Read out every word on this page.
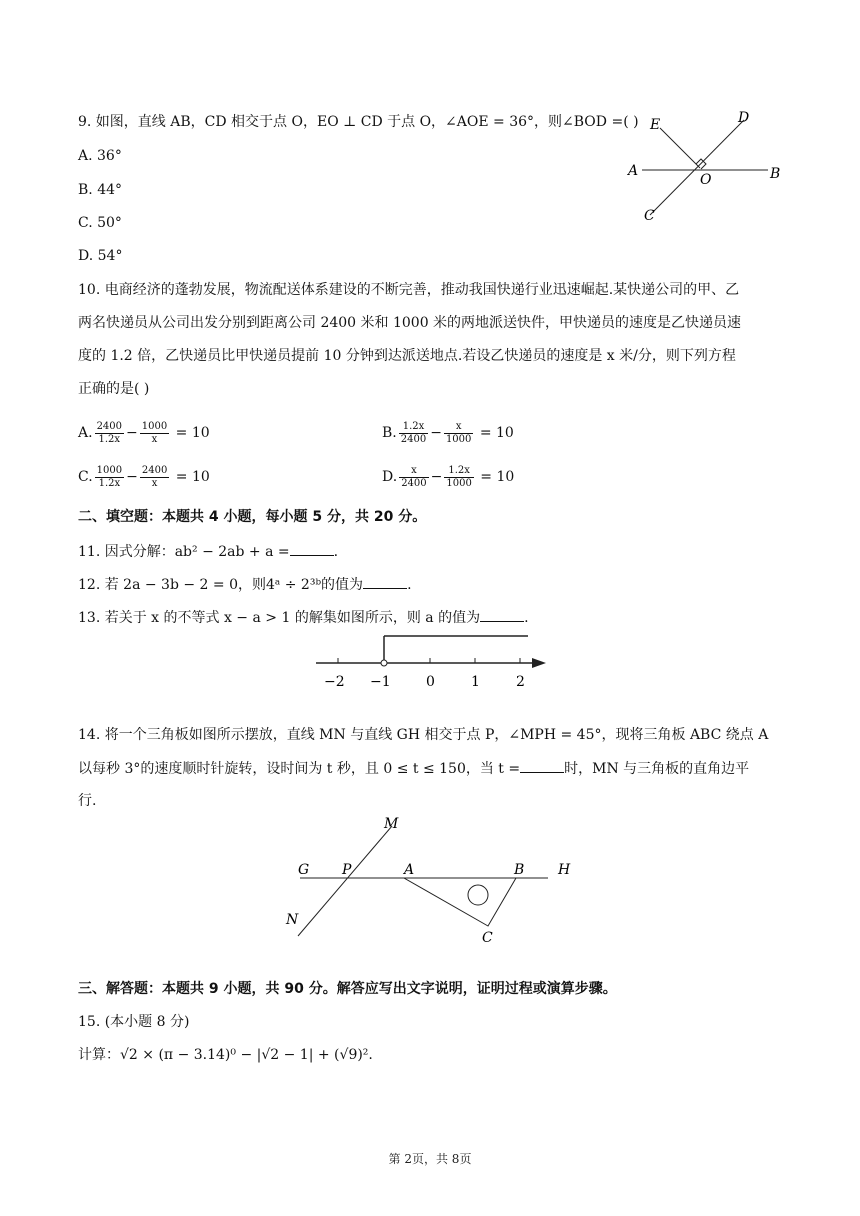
9. 如图，直线 AB，CD 相交于点 O，EO ⊥ CD 于点 O，∠AOE = 36°，则∠BOD =( )
A. 36°
B. 44°
C. 50°
D. 54°
E	D
A
O	B
C
10. 电商经济的蓬勃发展，物流配送体系建设的不断完善，推动我国快递行业迅速崛起.某快递公司的甲、乙
两名快递员从公司出发分别到距离公司 2400 米和 1000 米的两地派送快件，甲快递员的速度是乙快递员速
度的 1.2 倍，乙快递员比甲快递员提前 10 分钟到达派送地点.若设乙快递员的速度是 x 米/分，则下列方程
正确的是( )
A. $\frac{2400}{1.2x} - \frac{1000}{x} = 10$	B. $\frac{1.2x}{2400} - \frac{x}{1000} = 10$
C. $\frac{1000}{1.2x} - \frac{2400}{x} = 10$	D. $\frac{x}{2400} - \frac{1.2x}{1000} = 10$
二、填空题：本题共 4 小题，每小题 5 分，共 20 分。
11. 因式分解：ab² − 2ab + a =	.
12. 若 2a − 3b − 2 = 0，则4ᵃ ÷ 2³ᵇ的值为	.
13. 若关于 x 的不等式 x − a > 1 的解集如图所示，则 a 的值为	.
−2 −1	0	1	2
14. 将一个三角板如图所示摆放，直线 MN 与直线 GH 相交于点 P，∠MPH = 45°，现将三角板 ABC 绕点 A
以每秒 3°的速度顺时针旋转，设时间为 t 秒，且 0 ≤ t ≤ 150，当 t =	时，MN 与三角板的直角边平
行.
M
G P	A	B H
N
C
三、解答题：本题共 9 小题，共 90 分。解答应写出文字说明，证明过程或演算步骤。
15. (本小题 8 分)
计算：√2 × (π − 3.14)⁰ − |√2 − 1| + (√9)².
第 2页，共 8页
